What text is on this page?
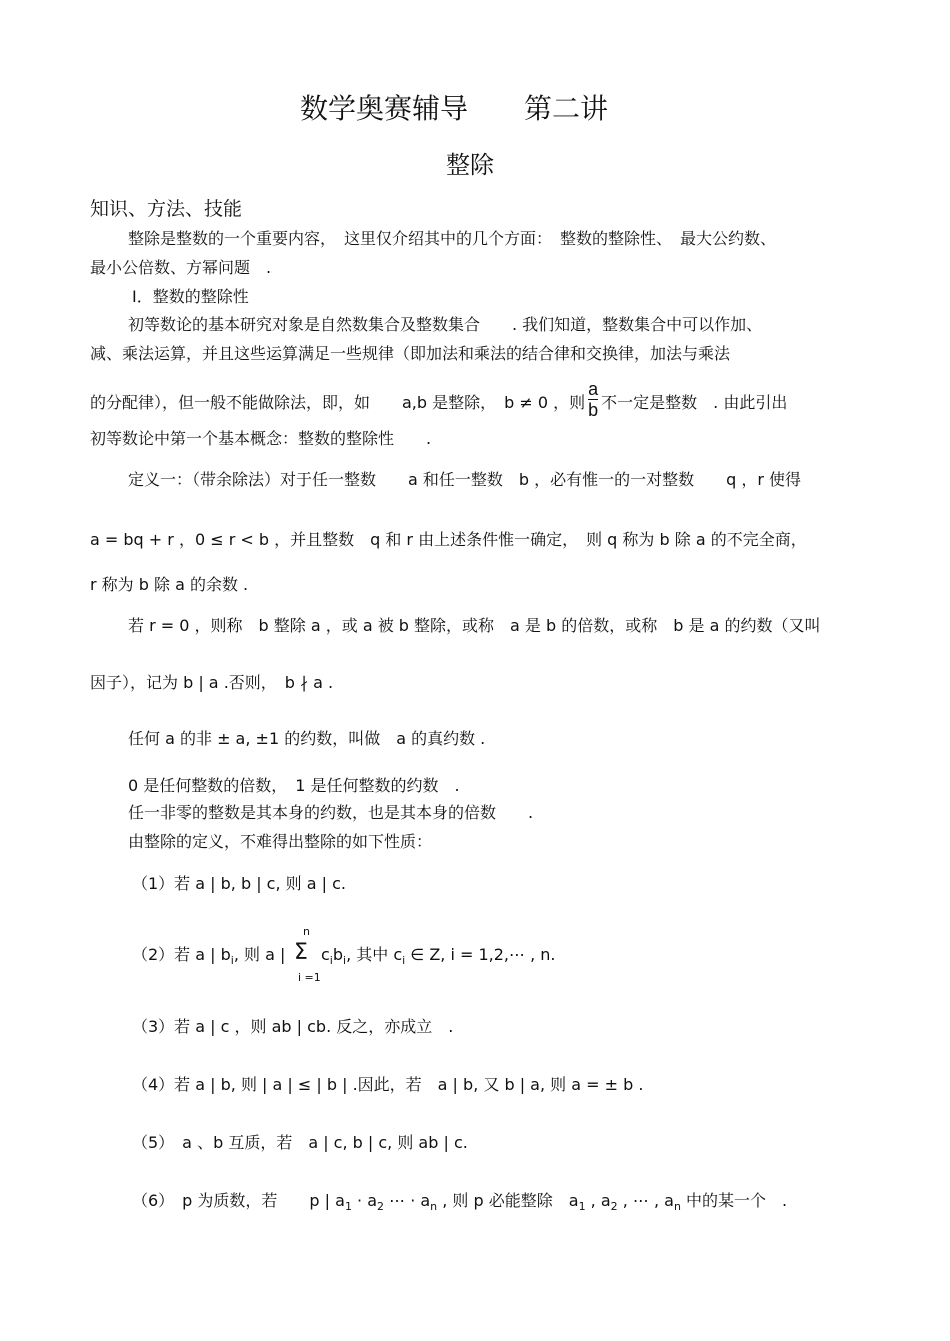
数学奥赛辅导　　第二讲
整除
知识、方法、技能
整除是整数的一个重要内容，　这里仅介绍其中的几个方面：　整数的整除性、　最大公约数、
最小公倍数、方幂问题　.
Ⅰ．整数的整除性
初等数论的基本研究对象是自然数集合及整数集合　　. 我们知道，整数集合中可以作加、
减、乘法运算，并且这些运算满足一些规律（即加法和乘法的结合律和交换律，加法与乘法
的分配律），但一般不能做除法，即，如　　a,b 是整除，　b ≠ 0 ，则 $\frac{a}{b}$ 不一定是整数　. 由此引出
初等数论中第一个基本概念：整数的整除性　　.
定义一：（带余除法）对于任一整数　　a 和任一整数　b ，必有惟一的一对整数　　q ，r 使得
a = bq + r ，0 ≤ r < b ，并且整数　q 和 r 由上述条件惟一确定，　则 q 称为 b 除 a 的不完全商，
r 称为 b 除 a 的余数 .
若 r = 0 ，则称　b 整除 a ，或 a 被 b 整除，或称　a 是 b 的倍数，或称　b 是 a 的约数（又叫
因子），记为 b | a .否则，　b ∤ a .
任何 a 的非 ± a, ±1 的约数，叫做　a 的真约数 .
0 是任何整数的倍数，　1 是任何整数的约数　.
任一非零的整数是其本身的约数，也是其本身的倍数　　.
由整除的定义，不难得出整除的如下性质：
（1）若 a | b, b | c, 则 a | c.
（2）若 a | $b_i$, 则 a |
n
Σ
i =1
$c_ib_i$, 其中 $c_i$ ∈ Z, i = 1,2,⋯ , n.
（3）若 a | c ，则 ab | cb. 反之，亦成立　.
（4）若 a | b, 则 | a | ≤ | b | .因此，若　a | b, 又 b | a, 则 a = ± b .
（5）　a 、b 互质，若　a | c, b | c, 则 ab | c.
（6）　p 为质数，若　　p | $a_1 \cdot a_2$ ⋯ · $a_n$ , 则 p 必能整除　$a_1$ , $a_2$ , ⋯ , $a_n$ 中的某一个　.
